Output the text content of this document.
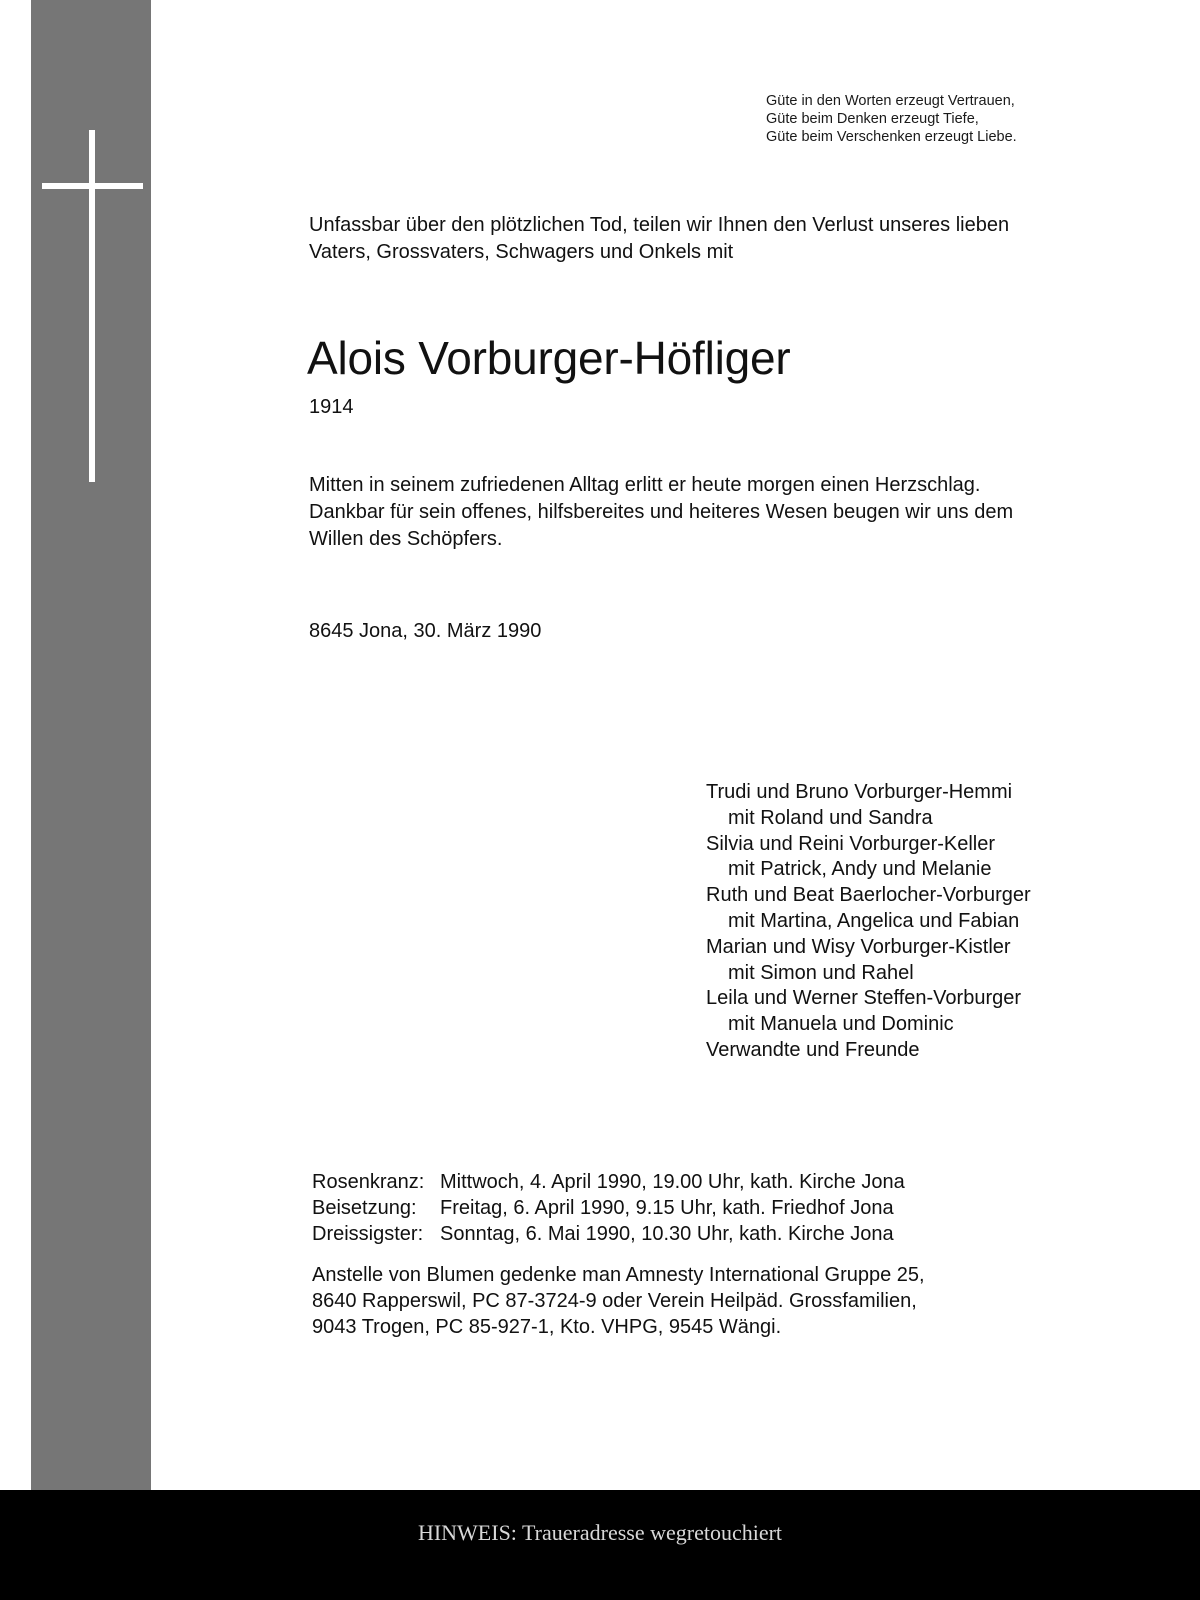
Güte in den Worten erzeugt Vertrauen,
Güte beim Denken erzeugt Tiefe,
Güte beim Verschenken erzeugt Liebe.
Unfassbar über den plötzlichen Tod, teilen wir Ihnen den Verlust unseres lieben
Vaters, Grossvaters, Schwagers und Onkels mit
Alois Vorburger-Höfliger
1914
Mitten in seinem zufriedenen Alltag erlitt er heute morgen einen Herzschlag.
Dankbar für sein offenes, hilfsbereites und heiteres Wesen beugen wir uns dem
Willen des Schöpfers.
8645 Jona, 30. März 1990
Trudi und Bruno Vorburger-Hemmi
mit Roland und Sandra
Silvia und Reini Vorburger-Keller
mit Patrick, Andy und Melanie
Ruth und Beat Baerlocher-Vorburger
mit Martina, Angelica und Fabian
Marian und Wisy Vorburger-Kistler
mit Simon und Rahel
Leila und Werner Steffen-Vorburger
mit Manuela und Dominic
Verwandte und Freunde
Rosenkranz: Mittwoch, 4. April 1990, 19.00 Uhr, kath. Kirche Jona
Beisetzung:	Freitag, 6. April 1990, 9.15 Uhr, kath. Friedhof Jona
Dreissigster: Sonntag, 6. Mai 1990, 10.30 Uhr, kath. Kirche Jona
Anstelle von Blumen gedenke man Amnesty International Gruppe 25,
8640 Rapperswil, PC 87-3724-9 oder Verein Heilpäd. Grossfamilien,
9043 Trogen, PC 85-927-1, Kto. VHPG, 9545 Wängi.
HINWEIS: Traueradresse wegretouchiert
